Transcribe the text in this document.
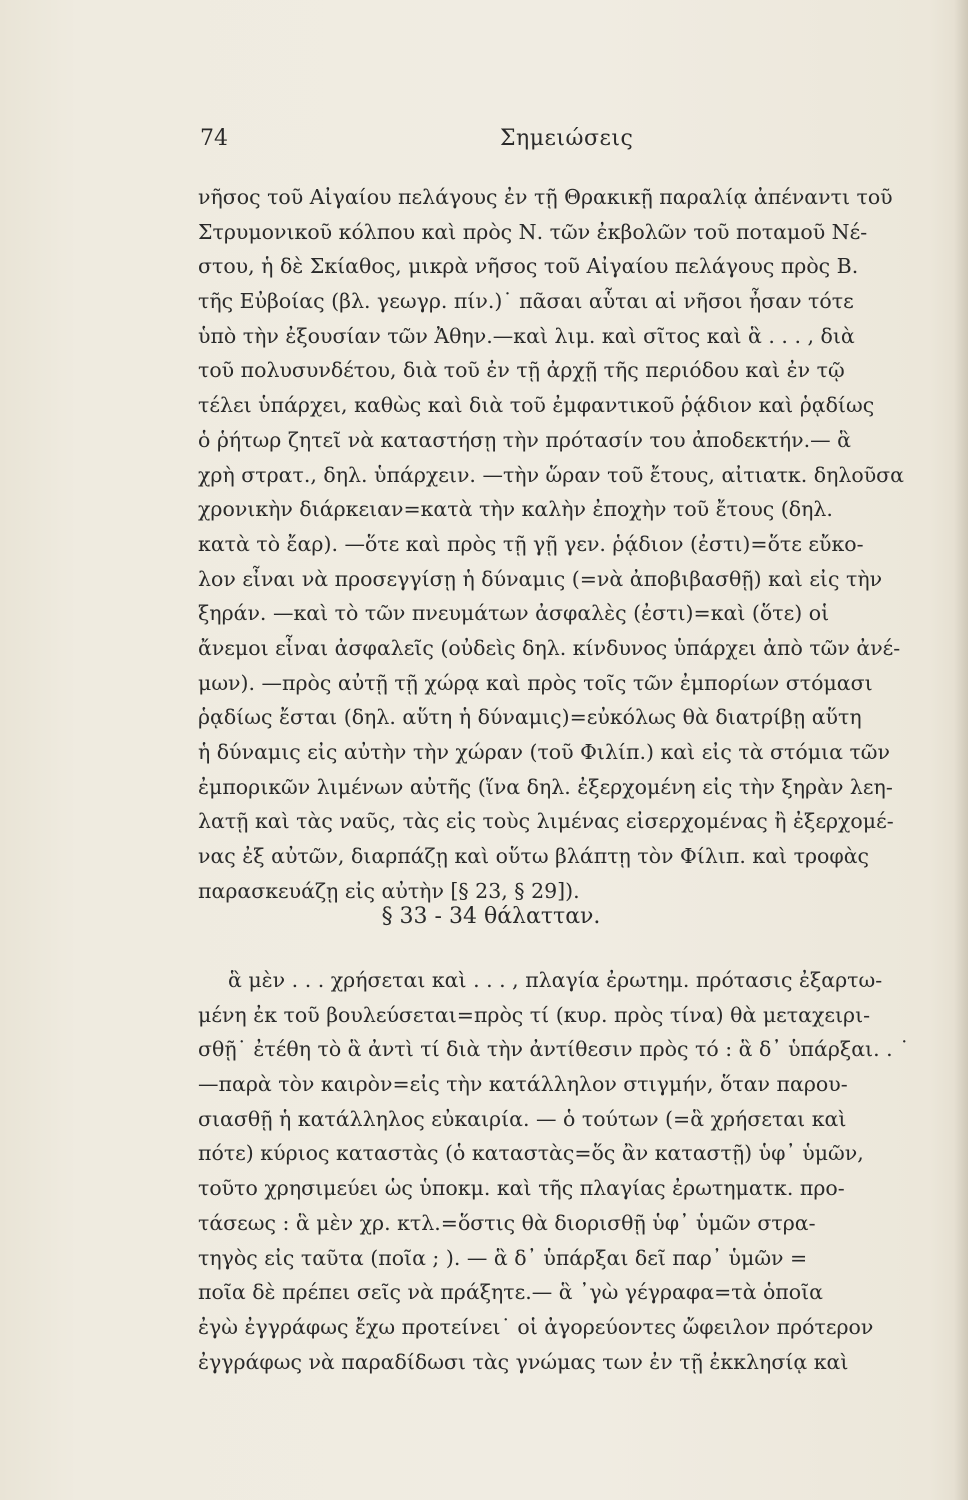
74	Σημειώσεις
νῆσος τοῦ Αἰγαίου πελάγους ἐν τῇ Θρακικῇ παραλίᾳ ἀπέναντι τοῦ
Στρυμονικοῦ κόλπου καὶ πρὸς Ν. τῶν ἐκβολῶν τοῦ ποταμοῦ Νέ-
στου, ἡ δὲ Σκίαθος, μικρὰ νῆσος τοῦ Αἰγαίου πελάγους πρὸς Β.
τῆς Εὐβοίας (βλ. γεωγρ. πίν.)˙ πᾶσαι αὗται αἱ νῆσοι ἦσαν τότε
ὑπὸ τὴν ἐξουσίαν τῶν Ἀθην.—καὶ λιμ. καὶ σῖτος καὶ ἃ . . . , διὰ
τοῦ πολυσυνδέτου, διὰ τοῦ ἐν τῇ ἀρχῇ τῆς περιόδου καὶ ἐν τῷ
τέλει ὑπάρχει, καθὼς καὶ διὰ τοῦ ἐμφαντικοῦ ῥᾴδιον καὶ ῥᾳδίως
ὁ ῥήτωρ ζητεῖ νὰ καταστήσῃ τὴν πρότασίν του ἀποδεκτήν.— ἃ
χρὴ στρατ., δηλ. ὑπάρχειν. —τὴν ὥραν τοῦ ἔτους, αἰτιατκ. δηλοῦσα
χρονικὴν διάρκειαν=κατὰ τὴν καλὴν ἐποχὴν τοῦ ἔτους (δηλ.
κατὰ τὸ ἔαρ). —ὅτε καὶ πρὸς τῇ γῇ γεν. ῥᾴδιον (ἐστι)=ὅτε εὔκο-
λον εἶναι νὰ προσεγγίσῃ ἡ δύναμις (=νὰ ἀποβιβασθῇ) καὶ εἰς τὴν
ξηράν. —καὶ τὸ τῶν πνευμάτων ἀσφαλὲς (ἐστι)=καὶ (ὅτε) οἱ
ἄνεμοι εἶναι ἀσφαλεῖς (οὐδεὶς δηλ. κίνδυνος ὑπάρχει ἀπὸ τῶν ἀνέ-
μων). —πρὸς αὐτῇ τῇ χώρᾳ καὶ πρὸς τοῖς τῶν ἐμπορίων στόμασι
ῥᾳδίως ἔσται (δηλ. αὕτη ἡ δύναμις)=εὐκόλως θὰ διατρίβῃ αὕτη
ἡ δύναμις εἰς αὐτὴν τὴν χώραν (τοῦ Φιλίπ.) καὶ εἰς τὰ στόμια τῶν
ἐμπορικῶν λιμένων αὐτῆς (ἵνα δηλ. ἐξερχομένη εἰς τὴν ξηρὰν λεη-
λατῇ καὶ τὰς ναῦς, τὰς εἰς τοὺς λιμένας εἰσερχομένας ἢ ἐξερχομέ-
νας ἐξ αὐτῶν, διαρπάζῃ καὶ οὕτω βλάπτῃ τὸν Φίλιπ. καὶ τροφὰς
παρασκευάζῃ εἰς αὐτὴν [§ 23, § 29]).
§ 33 - 34 θάλατταν.
ἃ μὲν . . . χρήσεται καὶ . . . , πλαγία ἐρωτημ. πρότασις ἐξαρτω-
μένη ἐκ τοῦ βουλεύσεται=πρὸς τί (κυρ. πρὸς τίνα) θὰ μεταχειρι-
σθῇ˙ ἐτέθη τὸ ἃ ἀντὶ τί διὰ τὴν ἀντίθεσιν πρὸς τό : ἃ δ᾽ ὑπάρξαι. . ˙
—παρὰ τὸν καιρὸν=εἰς τὴν κατάλληλον στιγμήν, ὅταν παρου-
σιασθῇ ἡ κατάλληλος εὐκαιρία. — ὁ τούτων (=ἃ χρήσεται καὶ
πότε) κύριος καταστὰς (ὁ καταστὰς=ὅς ἂν καταστῇ) ὑφ᾽ ὑμῶν,
τοῦτο χρησιμεύει ὡς ὑποκμ. καὶ τῆς πλαγίας ἐρωτηματκ. προ-
τάσεως : ἃ μὲν χρ. κτλ.=ὅστις θὰ διορισθῇ ὑφ᾽ ὑμῶν στρα-
τηγὸς εἰς ταῦτα (ποῖα ; ). — ἃ δ᾽ ὑπάρξαι δεῖ παρ᾽ ὑμῶν =
ποῖα δὲ πρέπει σεῖς νὰ πράξητε.— ἃ ᾽γὼ γέγραφα=τὰ ὁποῖα
ἐγὼ ἐγγράφως ἔχω προτείνει˙ οἱ ἀγορεύοντες ὤφειλον πρότερον
ἐγγράφως νὰ παραδίδωσι τὰς γνώμας των ἐν τῇ ἐκκλησίᾳ καὶ
